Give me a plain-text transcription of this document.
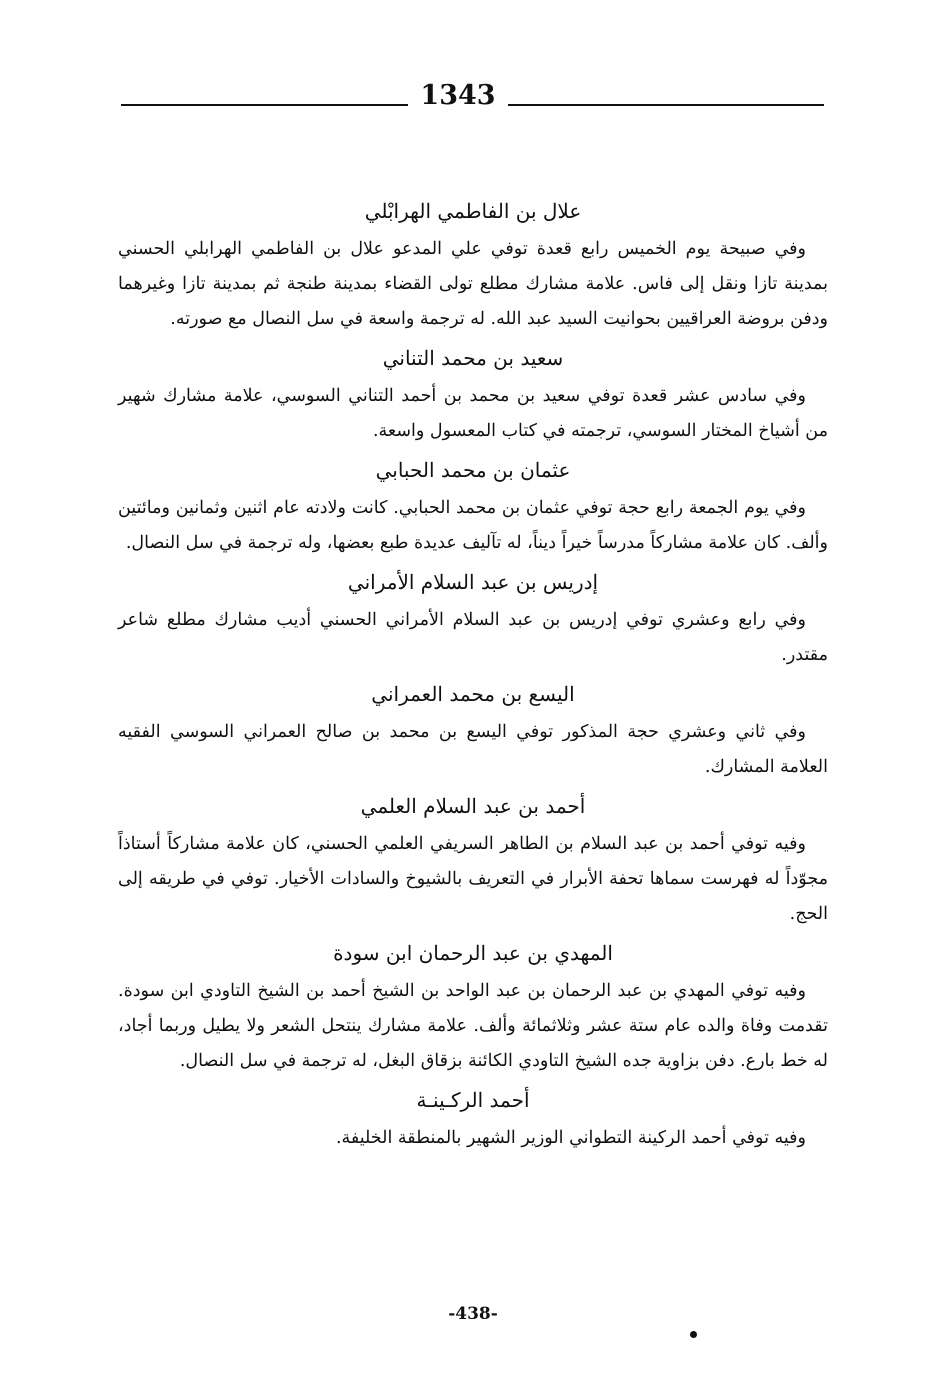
1343
علال بن الفاطمي الهرابْلي

وفي صبيحة يوم الخميس رابع قعدة توفي علي المدعو علال بن الفاطمي الهرابلي الحسني بمدينة تازا ونقل إلى فاس. علامة مشارك مطلع تولى القضاء بمدينة طنجة ثم بمدينة تازا وغيرهما ودفن بروضة العراقيين بحوانيت السيد عبد الله. له ترجمة واسعة في سل النصال مع صورته.

سعيد بن محمد التناني

وفي سادس عشر قعدة توفي سعيد بن محمد بن أحمد التناني السوسي، علامة مشارك شهير من أشياخ المختار السوسي، ترجمته في كتاب المعسول واسعة.

عثمان بن محمد الحبابي

وفي يوم الجمعة رابع حجة توفي عثمان بن محمد الحبابي. كانت ولادته عام اثنين وثمانين ومائتين وألف. كان علامة مشاركاً مدرساً خيراً ديناً، له تآليف عديدة طبع بعضها، وله ترجمة في سل النصال.

إدريس بن عبد السلام الأمراني

وفي رابع وعشري توفي إدريس بن عبد السلام الأمراني الحسني أديب مشارك مطلع شاعر مقتدر.

اليسع بن محمد العمراني

وفي ثاني وعشري حجة المذكور توفي اليسع بن محمد بن صالح العمراني السوسي الفقيه العلامة المشارك.

أحمد بن عبد السلام العلمي

وفيه توفي أحمد بن عبد السلام بن الطاهر السريفي العلمي الحسني، كان علامة مشاركاً أستاذاً مجوّداً له فهرست سماها تحفة الأبرار في التعريف بالشيوخ والسادات الأخيار. توفي في طريقه إلى الحج.

المهدي بن عبد الرحمان ابن سودة

وفيه توفي المهدي بن عبد الرحمان بن عبد الواحد بن الشيخ أحمد بن الشيخ التاودي ابن سودة. تقدمت وفاة والده عام ستة عشر وثلاثمائة وألف. علامة مشارك ينتحل الشعر ولا يطيل وربما أجاد، له خط بارع. دفن بزاوية جده الشيخ التاودي الكائنة بزقاق البغل، له ترجمة في سل النصال.

أحمد الركـينـة

وفيه توفي أحمد الركينة التطواني الوزير الشهير بالمنطقة الخليفة.

-438-
